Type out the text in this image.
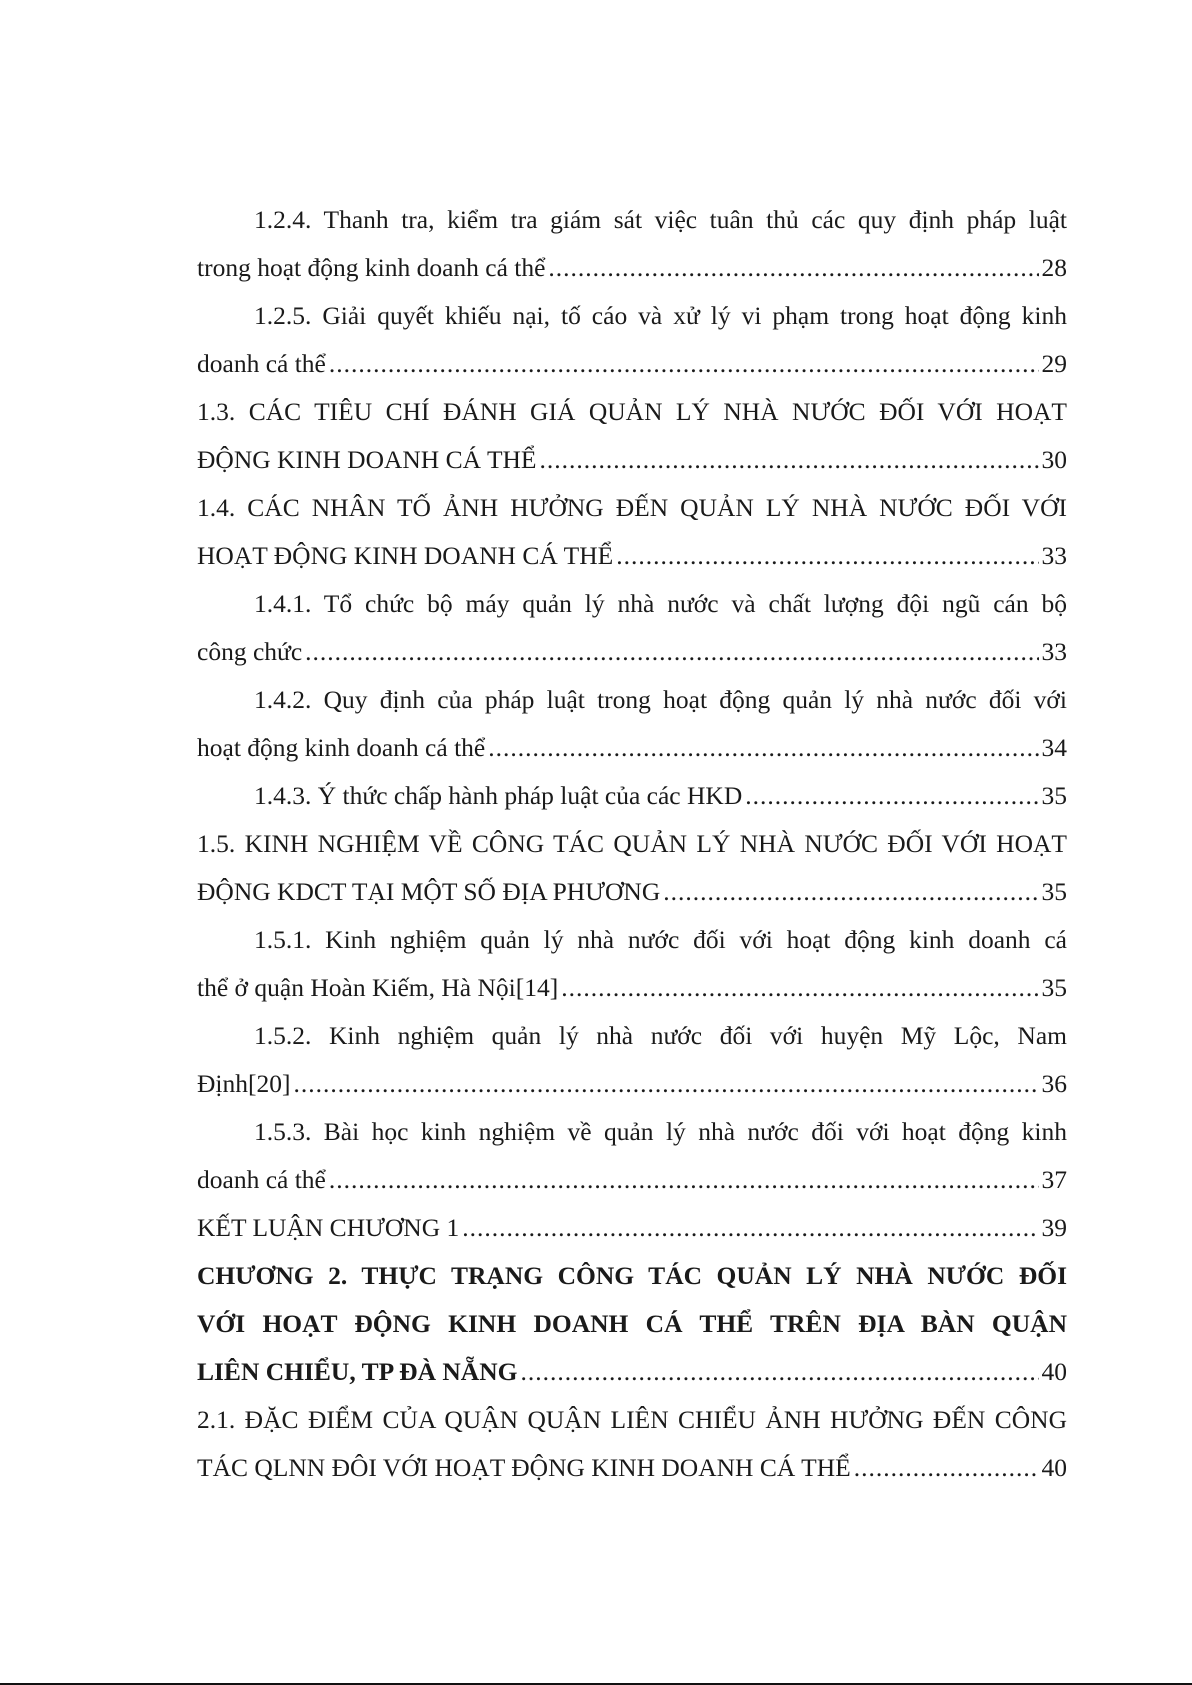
1.2.4. Thanh tra, kiểm tra giám sát việc tuân thủ các quy định pháp luật
trong hoạt động kinh doanh cá thể .....	28
1.2.5. Giải quyết khiếu nại, tố cáo và xử lý vi phạm trong hoạt động kinh
doanh cá thể .....	29
1.3. CÁC TIÊU CHÍ ĐÁNH GIÁ QUẢN LÝ NHÀ NƯỚC ĐỐI VỚI HOẠT
ĐỘNG KINH DOANH CÁ THỂ .....	30
1.4. CÁC NHÂN TỐ ẢNH HƯỞNG ĐẾN QUẢN LÝ NHÀ NƯỚC ĐỐI VỚI
HOẠT ĐỘNG KINH DOANH CÁ THỂ .....	33
1.4.1. Tổ chức bộ máy quản lý nhà nước và chất lượng đội ngũ cán bộ
công chức .....	33
1.4.2. Quy định của pháp luật trong hoạt động quản lý nhà nước đối với
hoạt động kinh doanh cá thể .....	34
1.4.3. Ý thức chấp hành pháp luật của các HKD .....	35
1.5. KINH NGHIỆM VỀ CÔNG TÁC QUẢN LÝ NHÀ NƯỚC ĐỐI VỚI HOẠT
ĐỘNG KDCT TẠI MỘT SỐ ĐỊA PHƯƠNG .....	35
1.5.1. Kinh nghiệm quản lý nhà nước đối với hoạt động kinh doanh cá
thể ở quận Hoàn Kiếm, Hà Nội[14] .....	35
1.5.2. Kinh nghiệm quản lý nhà nước đối với huyện Mỹ Lộc, Nam
Định[20] .....	36
1.5.3. Bài học kinh nghiệm về quản lý nhà nước đối với hoạt động kinh
doanh cá thể .....	37
KẾT LUẬN CHƯƠNG 1 .....	39
CHƯƠNG 2. THỰC TRẠNG CÔNG TÁC QUẢN LÝ NHÀ NƯỚC ĐỐI
VỚI HOẠT ĐỘNG KINH DOANH CÁ THỂ TRÊN ĐỊA BÀN QUẬN
LIÊN CHIỂU, TP ĐÀ NẴNG .....	40
2.1. ĐẶC ĐIỂM CỦA QUẬN QUẬN LIÊN CHIỂU ẢNH HƯỞNG ĐẾN CÔNG
TÁC QLNN ĐÔI VỚI HOẠT ĐỘNG KINH DOANH CÁ THỂ .....	40
